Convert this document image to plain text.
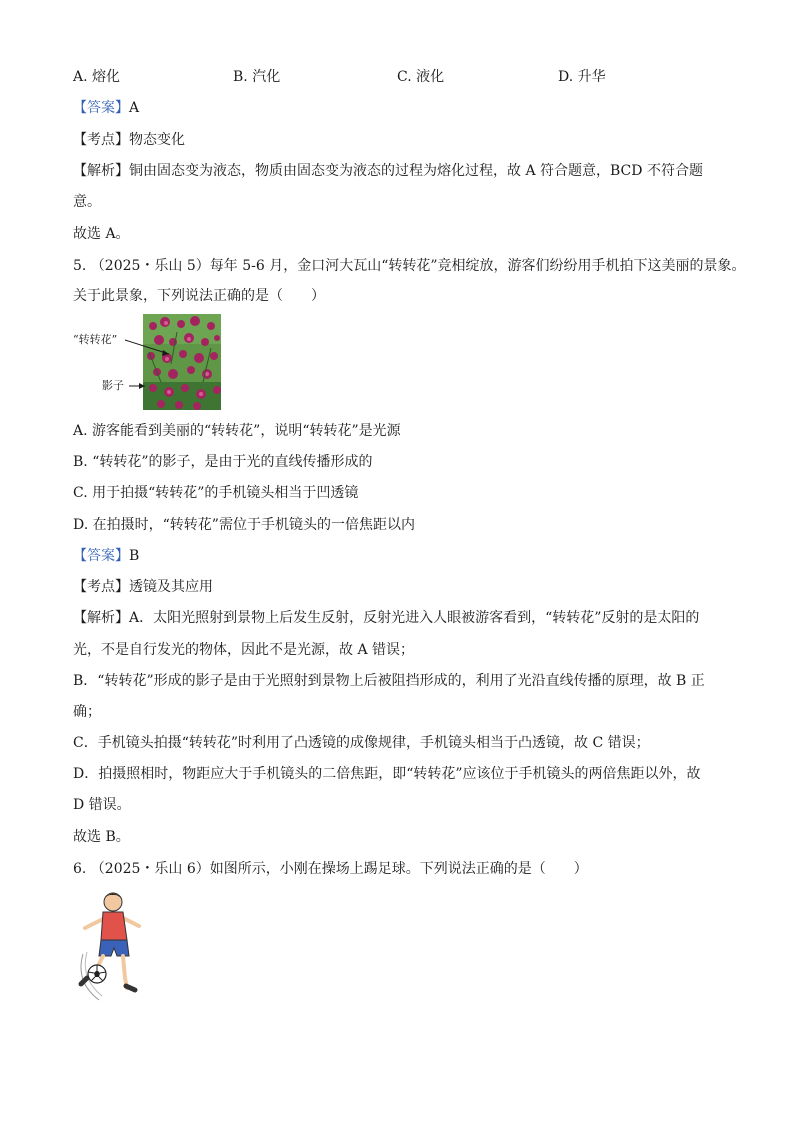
A. 熔化	B. 汽化	C. 液化	D. 升华
【答案】A
【考点】物态变化
【解析】铜由固态变为液态，物质由固态变为液态的过程为熔化过程，故 A 符合题意，BCD 不符合题
意。
故选 A。
5. （2025・乐山 5）每年 5-6 月，金口河大瓦山“转转花”竞相绽放，游客们纷纷用手机拍下这美丽的景象。
关于此景象，下列说法正确的是（　　）
“转转花”
影子
A. 游客能看到美丽的“转转花”，说明“转转花”是光源
B. “转转花”的影子，是由于光的直线传播形成的
C. 用于拍摄“转转花”的手机镜头相当于凹透镜
D. 在拍摄时，“转转花”需位于手机镜头的一倍焦距以内
【答案】B
【考点】透镜及其应用
【解析】A．太阳光照射到景物上后发生反射，反射光进入人眼被游客看到，“转转花”反射的是太阳的
光，不是自行发光的物体，因此不是光源，故 A 错误；
B．“转转花”形成的影子是由于光照射到景物上后被阻挡形成的，利用了光沿直线传播的原理，故 B 正
确；
C．手机镜头拍摄“转转花”时利用了凸透镜的成像规律，手机镜头相当于凸透镜，故 C 错误；
D．拍摄照相时，物距应大于手机镜头的二倍焦距，即“转转花”应该位于手机镜头的两倍焦距以外，故
D 错误。
故选 B。
6. （2025・乐山 6）如图所示，小刚在操场上踢足球。下列说法正确的是（　　）
